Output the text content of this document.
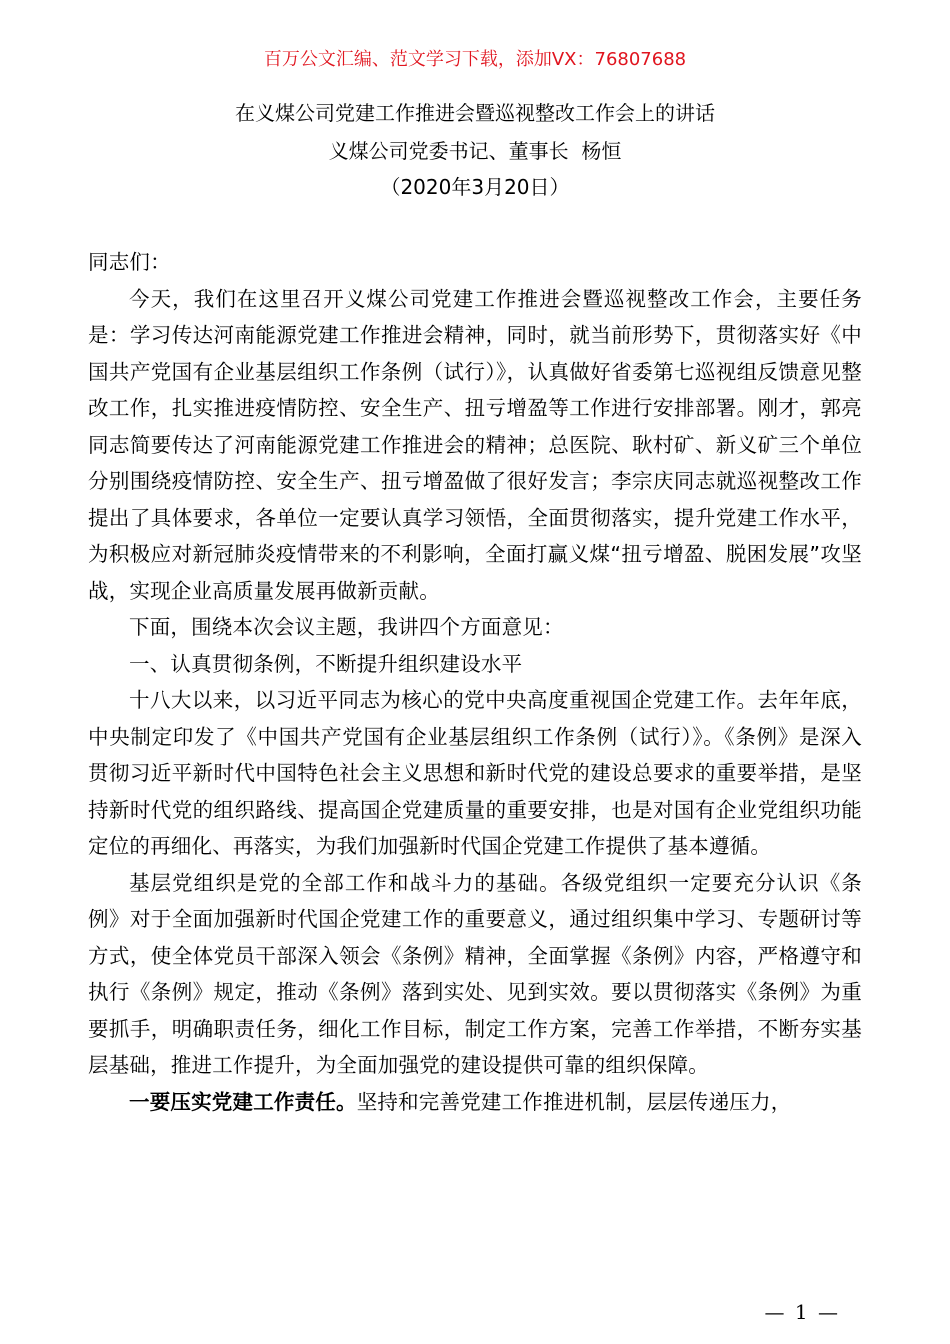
百万公文汇编、范文学习下载，添加VX：76807688
在义煤公司党建工作推进会暨巡视整改工作会上的讲话
义煤公司党委书记、董事长  杨恒
（2020年3月20日）

同志们：

今天，我们在这里召开义煤公司党建工作推进会暨巡视整改工作会，主要任务是：学习传达河南能源党建工作推进会精神，同时，就当前形势下，贯彻落实好《中国共产党国有企业基层组织工作条例（试行）》，认真做好省委第七巡视组反馈意见整改工作，扎实推进疫情防控、安全生产、扭亏增盈等工作进行安排部署。刚才，郭亮同志简要传达了河南能源党建工作推进会的精神；总医院、耿村矿、新义矿三个单位分别围绕疫情防控、安全生产、扭亏增盈做了很好发言；李宗庆同志就巡视整改工作提出了具体要求，各单位一定要认真学习领悟，全面贯彻落实，提升党建工作水平，为积极应对新冠肺炎疫情带来的不利影响，全面打赢义煤“扭亏增盈、脱困发展”攻坚战，实现企业高质量发展再做新贡献。

下面，围绕本次会议主题，我讲四个方面意见：

一、认真贯彻条例，不断提升组织建设水平

十八大以来，以习近平同志为核心的党中央高度重视国企党建工作。去年年底，中央制定印发了《中国共产党国有企业基层组织工作条例（试行）》。《条例》是深入贯彻习近平新时代中国特色社会主义思想和新时代党的建设总要求的重要举措，是坚持新时代党的组织路线、提高国企党建质量的重要安排，也是对国有企业党组织功能定位的再细化、再落实，为我们加强新时代国企党建工作提供了基本遵循。

基层党组织是党的全部工作和战斗力的基础。各级党组织一定要充分认识《条例》对于全面加强新时代国企党建工作的重要意义，通过组织集中学习、专题研讨等方式，使全体党员干部深入领会《条例》精神，全面掌握《条例》内容，严格遵守和执行《条例》规定，推动《条例》落到实处、见到实效。要以贯彻落实《条例》为重要抓手，明确职责任务，细化工作目标，制定工作方案，完善工作举措，不断夯实基层基础，推进工作提升，为全面加强党的建设提供可靠的组织保障。

一要压实党建工作责任。坚持和完善党建工作推进机制，层层传递压力，

— 1 —
